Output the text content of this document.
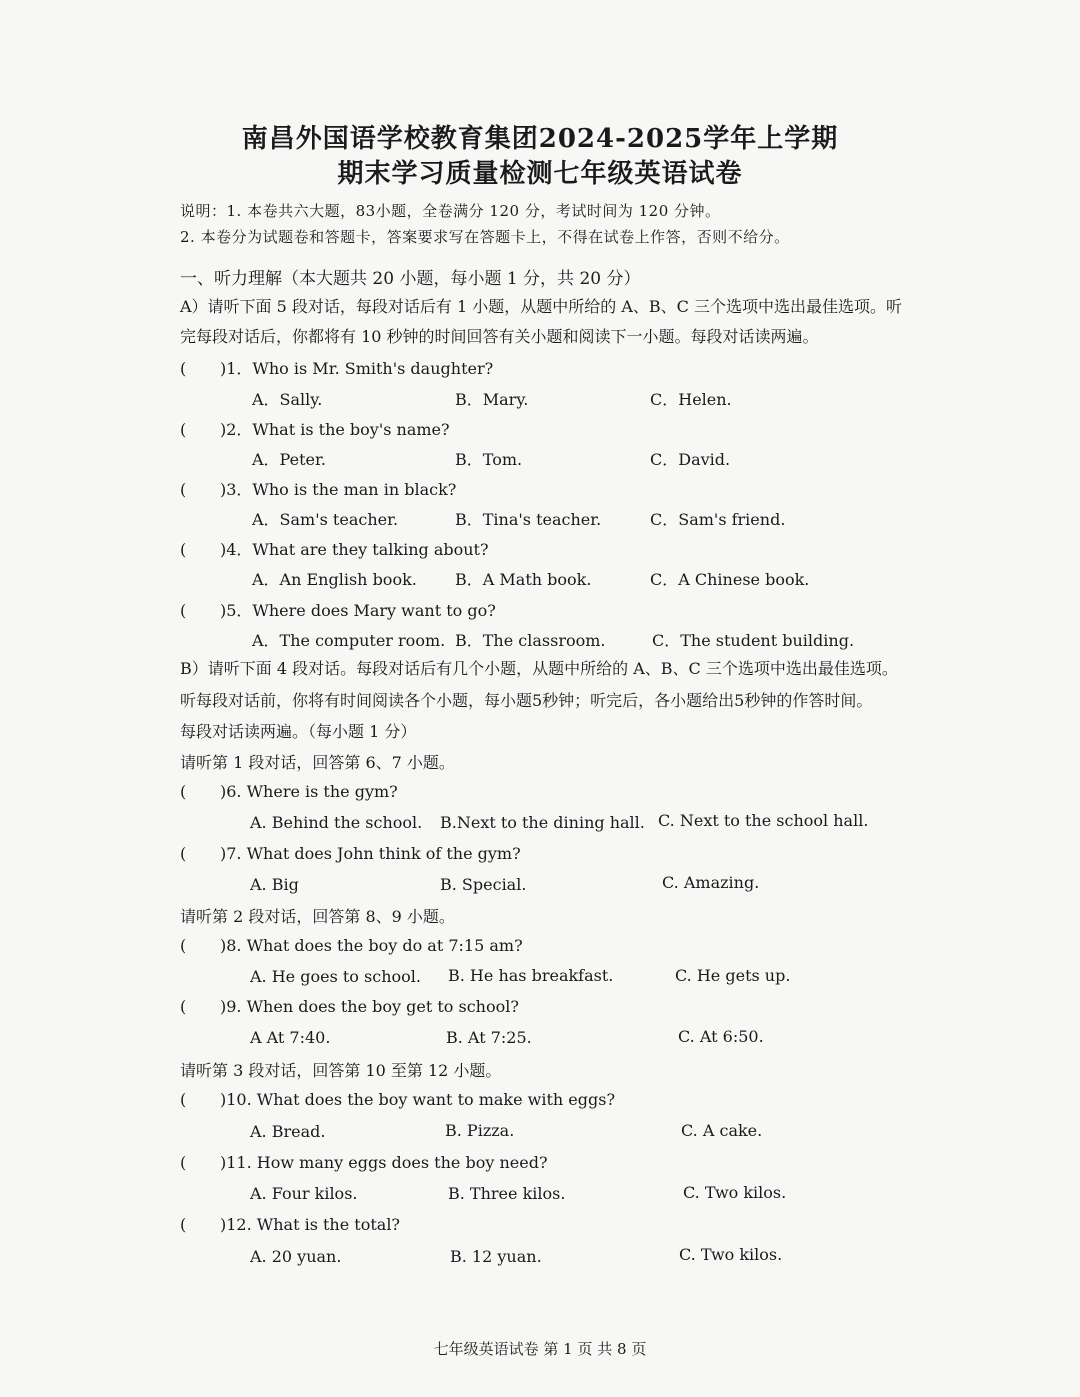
南昌外国语学校教育集团2024-2025学年上学期
期末学习质量检测七年级英语试卷
说明：1. 本卷共六大题，83小题，全卷满分 120 分，考试时间为 120 分钟。
2. 本卷分为试题卷和答题卡，答案要求写在答题卡上，不得在试卷上作答，否则不给分。
一、听力理解（本大题共 20 小题，每小题 1 分，共 20 分）
A）请听下面 5 段对话，每段对话后有 1 小题，从题中所给的 A、B、C 三个选项中选出最佳选项。听
完每段对话后，你都将有 10 秒钟的时间回答有关小题和阅读下一小题。每段对话读两遍。
( )1．Who is Mr. Smith's daughter?
A．Sally.	B．Mary.	C．Helen.
( )2．What is the boy's name?
A．Peter.	B．Tom.	C．David.
( )3．Who is the man in black?
A．Sam's teacher.	B．Tina's teacher.	C．Sam's friend.
( )4．What are they talking about?
A．An English book. B．A Math book.	C．A Chinese book.
( )5．Where does Mary want to go?
A．The computer room. B．The classroom.	C．The student building.
B）请听下面 4 段对话。每段对话后有几个小题，从题中所给的 A、B、C 三个选项中选出最佳选项。
听每段对话前，你将有时间阅读各个小题，每小题5秒钟；听完后，各小题给出5秒钟的作答时间。
每段对话读两遍。（每小题 1 分）
请听第 1 段对话，回答第 6、7 小题。
( )6. Where is the gym?
A. Behind the school. B.Next to the dining hall. C. Next to the school hall.
( )7. What does John think of the gym?
A. Big	B. Special.	C. Amazing.
请听第 2 段对话，回答第 8、9 小题。
( )8. What does the boy do at 7:15 am?
A. He goes to school. B. He has breakfast.	C. He gets up.
( )9. When does the boy get to school?
A At 7:40.	B. At 7:25.	C. At 6:50.
请听第 3 段对话，回答第 10 至第 12 小题。
( )10. What does the boy want to make with eggs?
A. Bread.	B. Pizza.	C. A cake.
( )11. How many eggs does the boy need?
A. Four kilos.	B. Three kilos.	C. Two kilos.
( )12. What is the total?
A. 20 yuan.	B. 12 yuan.	C. Two kilos.
七年级英语试卷 第 1 页 共 8 页
